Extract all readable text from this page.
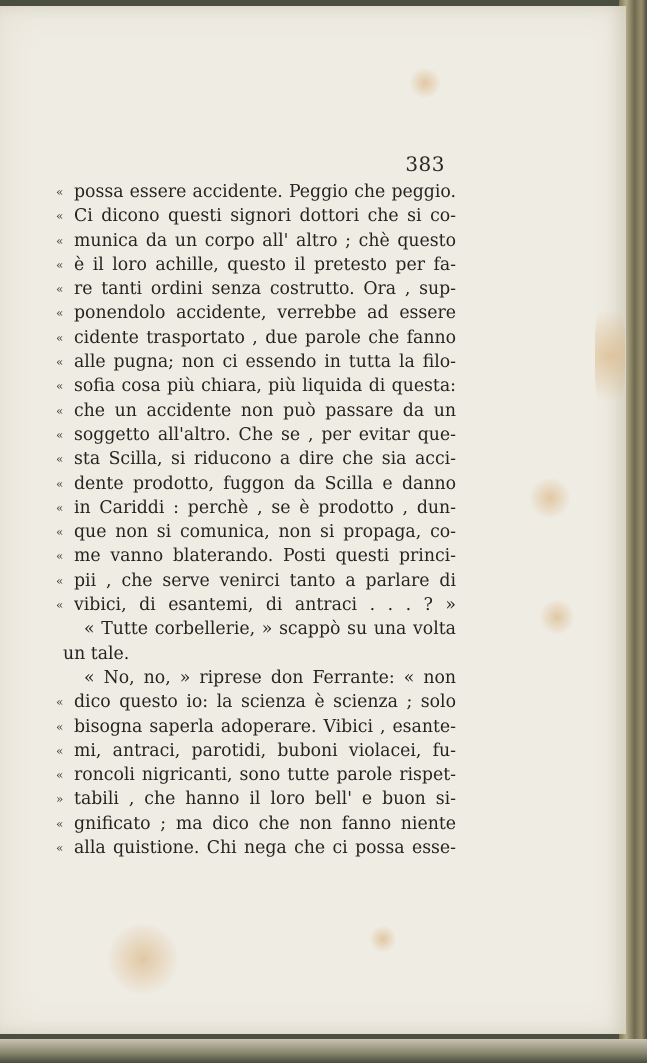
383
« possa essere accidente. Peggio che peggio.
« Ci dicono questi signori dottori che si co-
« munica da un corpo all' altro ; chè questo
« è il loro achille, questo il pretesto per fa-
« re tanti ordini senza costrutto. Ora , sup-
« ponendolo accidente, verrebbe ad essere
« cidente trasportato , due parole che fanno
« alle pugna; non ci essendo in tutta la filo-
« sofia cosa più chiara, più liquida di questa:
« che un accidente non può passare da un
« soggetto all'altro. Che se , per evitar que-
« sta Scilla, si riducono a dire che sia acci-
« dente prodotto, fuggon da Scilla e danno
« in Cariddi : perchè , se è prodotto , dun-
« que non si comunica, non si propaga, co-
« me vanno blaterando. Posti questi princi-
« pii , che serve venirci tanto a parlare di
« vibici, di esantemi, di antraci . . . ? »
« Tutte corbellerie, » scappò su una volta
un tale.
« No, no, » riprese don Ferrante: « non
« dico questo io: la scienza è scienza ; solo
« bisogna saperla adoperare. Vibici , esante-
« mi, antraci, parotidi, buboni violacei, fu-
« roncoli nigricanti, sono tutte parole rispet-
» tabili , che hanno il loro bell' e buon si-
« gnificato ; ma dico che non fanno niente
« alla quistione. Chi nega che ci possa esse-
